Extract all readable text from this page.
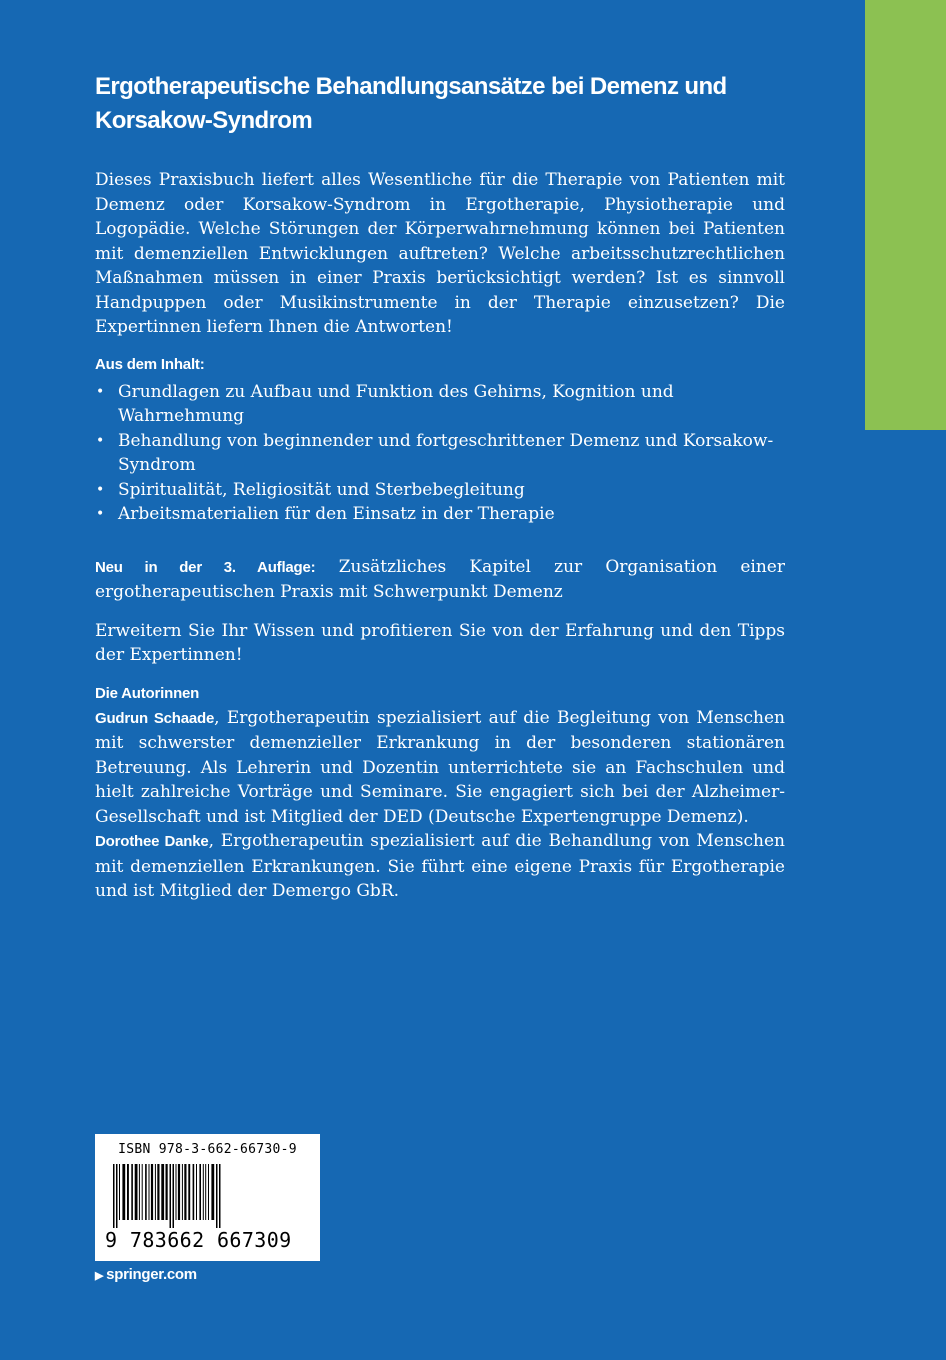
Ergotherapeutische Behandlungsansätze bei Demenz und Korsakow-Syndrom

Dieses Praxisbuch liefert alles Wesentliche für die Therapie von Patienten mit Demenz oder Korsakow-Syndrom in Ergotherapie, Physiotherapie und Logopädie. Welche Störungen der Körperwahrnehmung können bei Patienten mit demenziellen Entwicklungen auftreten? Welche arbeitsschutzrechtlichen Maßnahmen müssen in einer Praxis berücksichtigt werden? Ist es sinnvoll Handpuppen oder Musikinstrumente in der Therapie einzusetzen? Die Expertinnen liefern Ihnen die Antworten!

Aus dem Inhalt:
• Grundlagen zu Aufbau und Funktion des Gehirns, Kognition und Wahrnehmung
• Behandlung von beginnender und fortgeschrittener Demenz und Korsakow-Syndrom
• Spiritualität, Religiosität und Sterbebegleitung
• Arbeitsmaterialien für den Einsatz in der Therapie

Neu in der 3. Auflage: Zusätzliches Kapitel zur Organisation einer ergotherapeutischen Praxis mit Schwerpunkt Demenz

Erweitern Sie Ihr Wissen und profitieren Sie von der Erfahrung und den Tipps der Expertinnen!

Die Autorinnen

Gudrun Schaade, Ergotherapeutin spezialisiert auf die Begleitung von Menschen mit schwerster demenzieller Erkrankung in der besonderen stationären Betreuung. Als Lehrerin und Dozentin unterrichtete sie an Fachschulen und hielt zahlreiche Vorträge und Seminare. Sie engagiert sich bei der Alzheimer-Gesellschaft und ist Mitglied der DED (Deutsche Expertengruppe Demenz).

Dorothee Danke, Ergotherapeutin spezialisiert auf die Behandlung von Menschen mit demenziellen Erkrankungen. Sie führt eine eigene Praxis für Ergotherapie und ist Mitglied der Demergo GbR.

ISBN 978-3-662-66730-9
9 783662 667309
▶ springer.com
